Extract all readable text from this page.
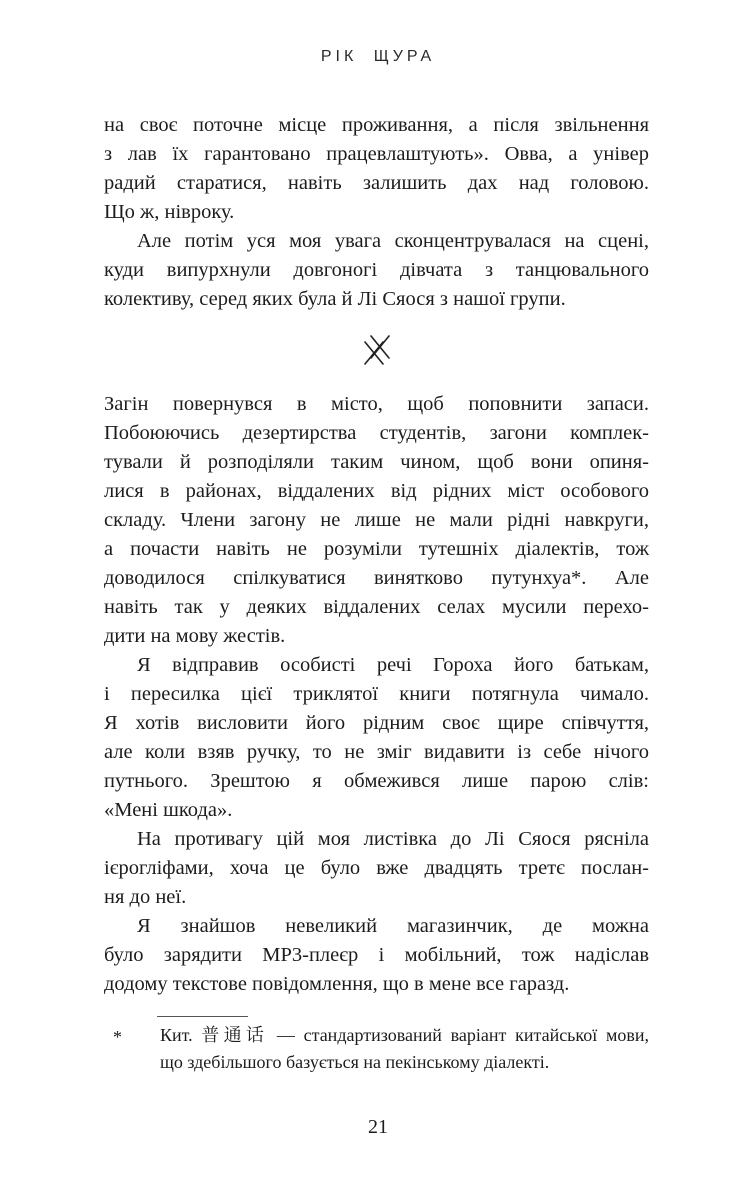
РІК ЩУРА
на своє поточне місце проживання, а після звільнення
з лав їх гарантовано працевлаштують». Овва, а універ
радий старатися, навіть залишить дах над головою.
Що ж, нівроку.
Але потім уся моя увага сконцентрувалася на сцені,
куди випурхнули довгоногі дівчата з танцювального
колективу, серед яких була й Лі Сяося з нашої групи.
Загін повернувся в місто, щоб поповнити запаси.
Побоюючись дезертирства студентів, загони комплек-
тували й розподіляли таким чином, щоб вони опиня-
лися в районах, віддалених від рідних міст особового
складу. Члени загону не лише не мали рідні навкруги,
а почасти навіть не розуміли тутешніх діалектів, тож
доводилося спілкуватися винятково путунхуа*. Але
навіть так у деяких віддалених селах мусили перехо-
дити на мову жестів.
Я відправив особисті речі Гороха його батькам,
і пересилка цієї триклятої книги потягнула чимало.
Я хотів висловити його рідним своє щире співчуття,
але коли взяв ручку, то не зміг видавити із себе нічого
путнього. Зрештою я обмежився лише парою слів:
«Мені шкода».
На противагу цій моя листівка до Лі Сяося рясніла
ієрогліфами, хоча це було вже двадцять третє послан-
ня до неї.
Я знайшов невеликий магазинчик, де можна
було зарядити МР3-плеєр і мобільний, тож надіслав
додому текстове повідомлення, що в мене все гаразд.
* Кит. 普通话 — стандартизований варіант китайської мови,
що здебільшого базується на пекінському діалекті.
21
